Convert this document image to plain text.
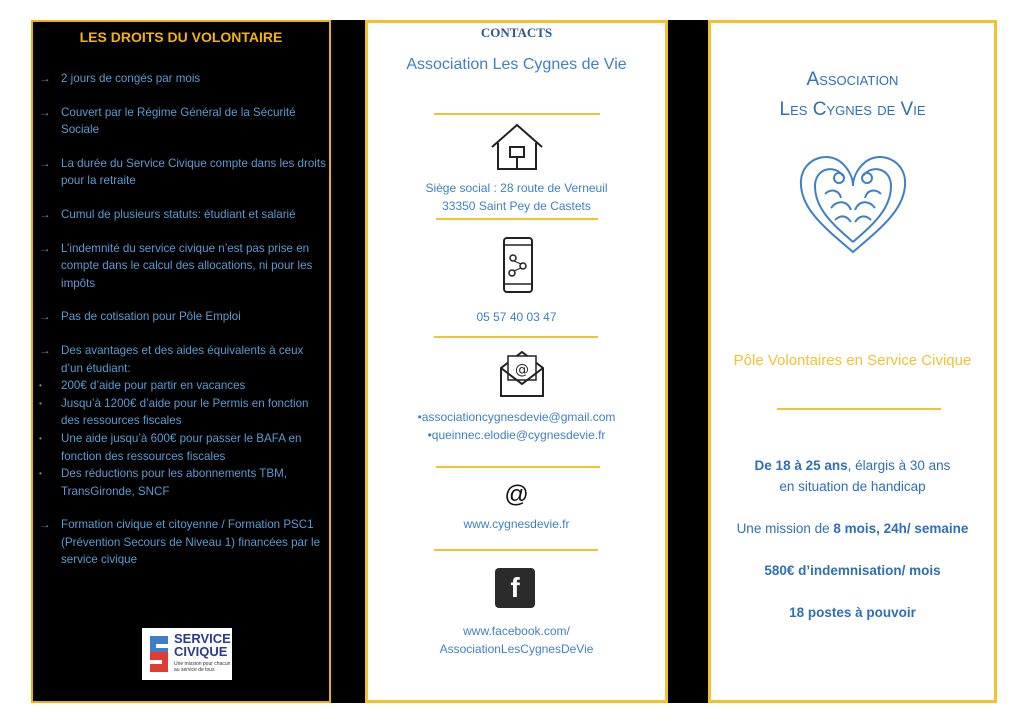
LES DROITS DU VOLONTAIRE
→ 2 jours de congés par mois
→ Couvert par le Régime Général de la Sécurité Sociale
→ La durée du Service Civique compte dans les droits pour la retraite
→ Cumul de plusieurs statuts: étudiant et salarié
→ L’indemnité du service civique n’est pas prise en compte dans le calcul des allocations, ni pour les impôts
→ Pas de cotisation pour Pôle Emploi
→ Des avantages et des aides équivalents à ceux d’un étudiant:
• 200€ d’aide pour partir en vacances
• Jusqu’à 1200€ d’aide pour le Permis en fonction des ressources fiscales
• Une aide jusqu’à 600€ pour passer le BAFA en fonction des ressources fiscales
• Des réductions pour les abonnements TBM, TransGironde, SNCF
→ Formation civique et citoyenne / Formation PSC1 (Prévention Secours de Niveau 1) financées par le service civique
SERVICE
CIVIQUE
Une mission pour chacun au service de tous
CONTACTS
Association Les Cygnes de Vie
Siège social : 28 route de Verneuil
33350 Saint Pey de Castets
05 57 40 03 47
@
•associationcygnesdevie@gmail.com
•queinnec.elodie@cygnesdevie.fr
@
www.cygnesdevie.fr
f
www.facebook.com/
AssociationLesCygnesDeVie
Association
Les Cygnes de Vie
Pôle Volontaires en Service Civique
De 18 à 25 ans, élargis à 30 ans
en situation de handicap
Une mission de 8 mois, 24h/ semaine
580€ d’indemnisation/ mois
18 postes à pouvoir
